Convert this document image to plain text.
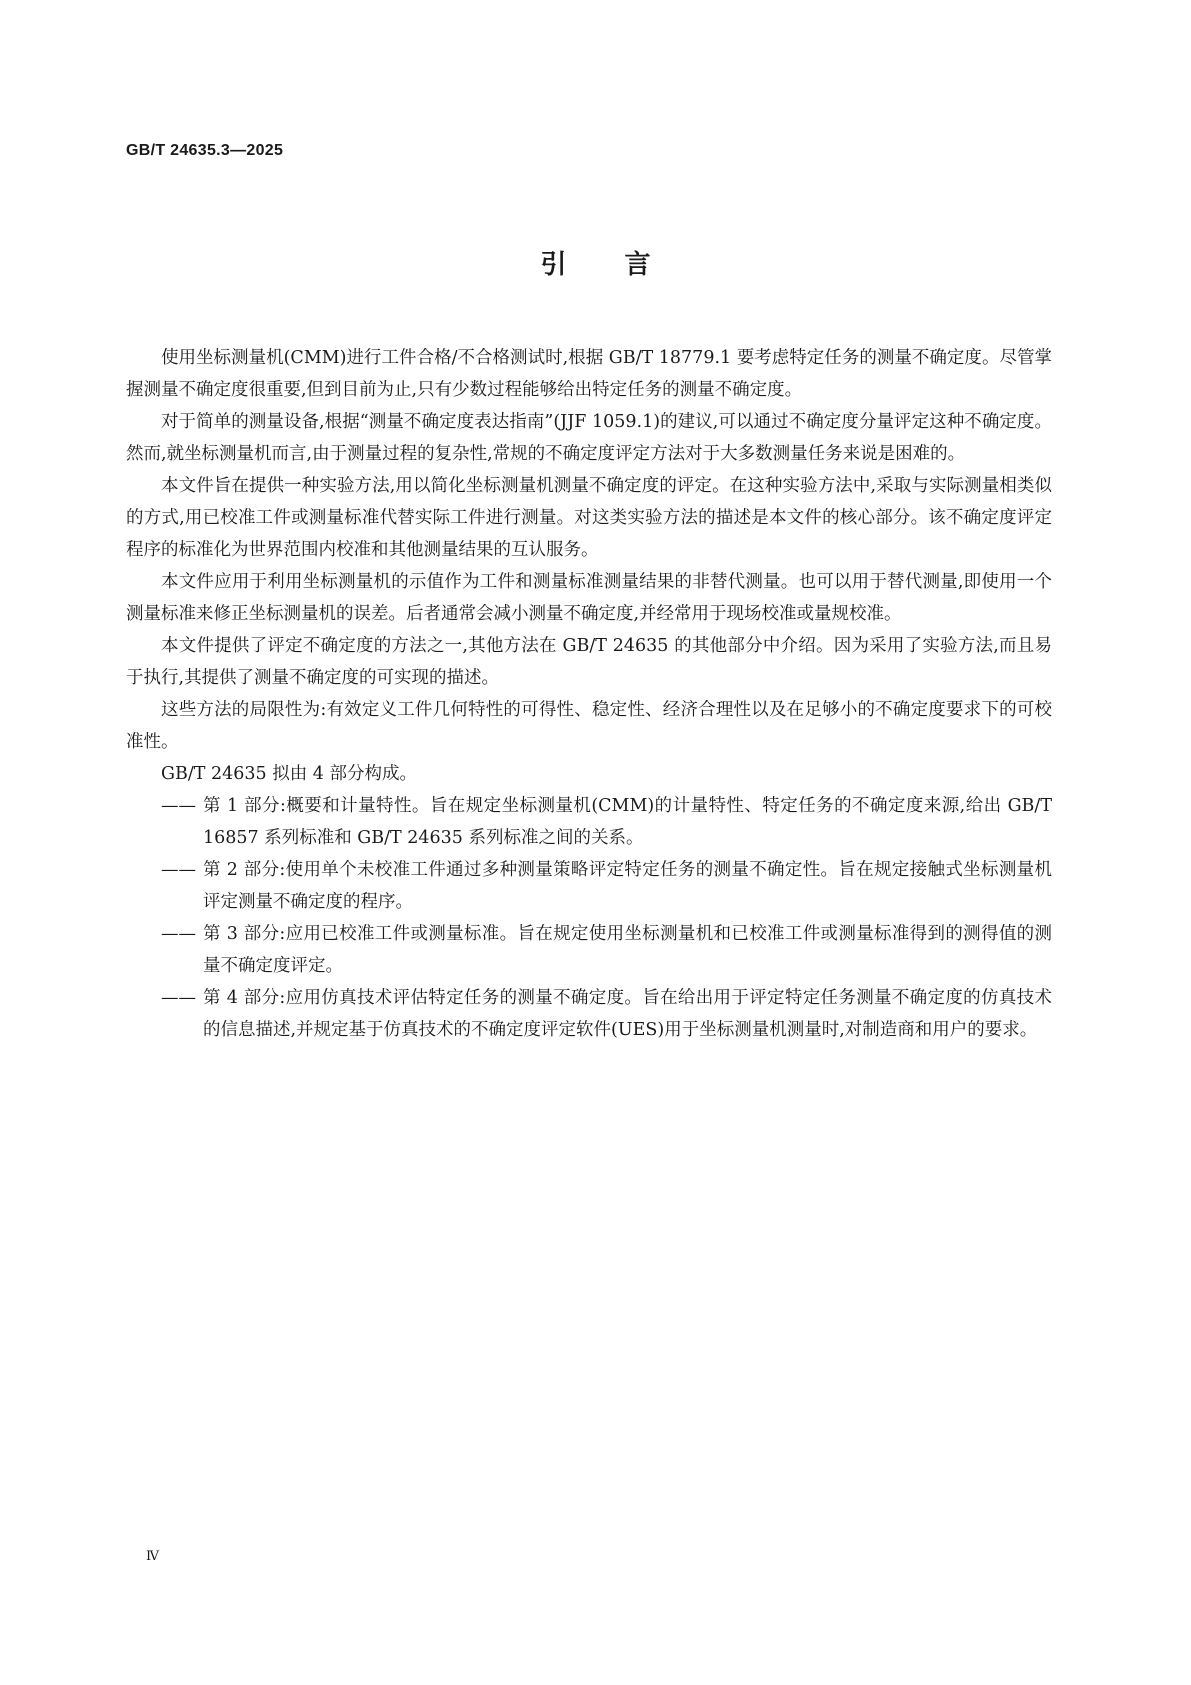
GB/T 24635.3—2025
引言

使用坐标测量机(CMM)进行工件合格/不合格测试时,根据 GB/T 18779.1 要考虑特定任务的测量不确定度。尽管掌握测量不确定度很重要,但到目前为止,只有少数过程能够给出特定任务的测量不确定度。

对于简单的测量设备,根据“测量不确定度表达指南”(JJF 1059.1)的建议,可以通过不确定度分量评定这种不确定度。然而,就坐标测量机而言,由于测量过程的复杂性,常规的不确定度评定方法对于大多数测量任务来说是困难的。

本文件旨在提供一种实验方法,用以简化坐标测量机测量不确定度的评定。在这种实验方法中,采取与实际测量相类似的方式,用已校准工件或测量标准代替实际工件进行测量。对这类实验方法的描述是本文件的核心部分。该不确定度评定程序的标准化为世界范围内校准和其他测量结果的互认服务。

本文件应用于利用坐标测量机的示值作为工件和测量标准测量结果的非替代测量。也可以用于替代测量,即使用一个测量标准来修正坐标测量机的误差。后者通常会减小测量不确定度,并经常用于现场校准或量规校准。

本文件提供了评定不确定度的方法之一,其他方法在 GB/T 24635 的其他部分中介绍。因为采用了实验方法,而且易于执行,其提供了测量不确定度的可实现的描述。

这些方法的局限性为:有效定义工件几何特性的可得性、稳定性、经济合理性以及在足够小的不确定度要求下的可校准性。

GB/T 24635 拟由 4 部分构成。

—— 第 1 部分:概要和计量特性。旨在规定坐标测量机(CMM)的计量特性、特定任务的不确定度来源,给出 GB/T 16857 系列标准和 GB/T 24635 系列标准之间的关系。
—— 第 2 部分:使用单个未校准工件通过多种测量策略评定特定任务的测量不确定性。旨在规定接触式坐标测量机评定测量不确定度的程序。
—— 第 3 部分:应用已校准工件或测量标准。旨在规定使用坐标测量机和已校准工件或测量标准得到的测得值的测量不确定度评定。
—— 第 4 部分:应用仿真技术评估特定任务的测量不确定度。旨在给出用于评定特定任务测量不确定度的仿真技术的信息描述,并规定基于仿真技术的不确定度评定软件(UES)用于坐标测量机测量时,对制造商和用户的要求。
Ⅳ
